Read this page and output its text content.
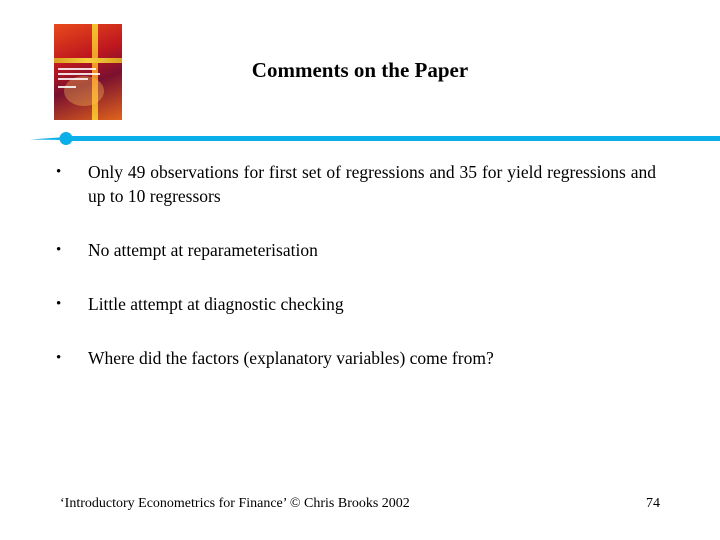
Comments on the Paper
•	Only 49 observations for first set of regressions and 35 for yield regressions and up to 10 regressors
•	No attempt at reparameterisation
•	Little attempt at diagnostic checking
•	Where did the factors (explanatory variables) come from?
‘Introductory Econometrics for Finance’ © Chris Brooks 2002	74
